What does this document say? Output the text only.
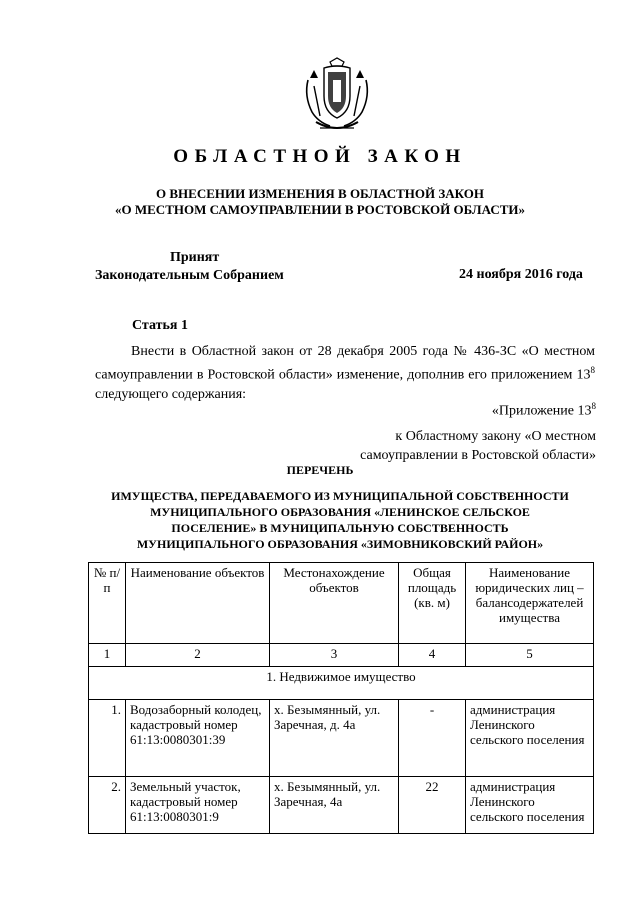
ОБЛАСТНОЙ ЗАКОН
О ВНЕСЕНИИ ИЗМЕНЕНИЯ В ОБЛАСТНОЙ ЗАКОН
«О МЕСТНОМ САМОУПРАВЛЕНИИ В РОСТОВСКОЙ ОБЛАСТИ»
Принят
Законодательным Собранием	24 ноября 2016 года
Статья 1
Внести в Областной закон от 28 декабря 2005 года № 436-ЗС «О местном самоуправлении в Ростовской области» изменение, дополнив его приложением $13^8$ следующего содержания:
«Приложение $13^8$
к Областному закону «О местном
самоуправлении в Ростовской области»
ПЕРЕЧЕНЬ
ИМУЩЕСТВА, ПЕРЕДАВАЕМОГО ИЗ МУНИЦИПАЛЬНОЙ СОБСТВЕННОСТИ
МУНИЦИПАЛЬНОГО ОБРАЗОВАНИЯ «ЛЕНИНСКОЕ СЕЛЬСКОЕ
ПОСЕЛЕНИЕ» В МУНИЦИПАЛЬНУЮ СОБСТВЕННОСТЬ
МУНИЦИПАЛЬНОГО ОБРАЗОВАНИЯ «ЗИМОВНИКОВСКИЙ РАЙОН»
№ п/п	Наименование объектов	Местонахождение объектов	Общая площадь (кв. м)	Наименование юридических лиц – балансодержателей имущества
1	2	3	4	5
1. Недвижимое имущество				
1.	Водозаборный колодец, кадастровый номер 61:13:0080301:39	х. Безымянный, ул. Заречная, д. 4а	-	администрация Ленинского сельского поселения
2.	Земельный участок, кадастровый номер 61:13:0080301:9	х. Безымянный, ул. Заречная, 4а	22	администрация Ленинского сельского поселения
